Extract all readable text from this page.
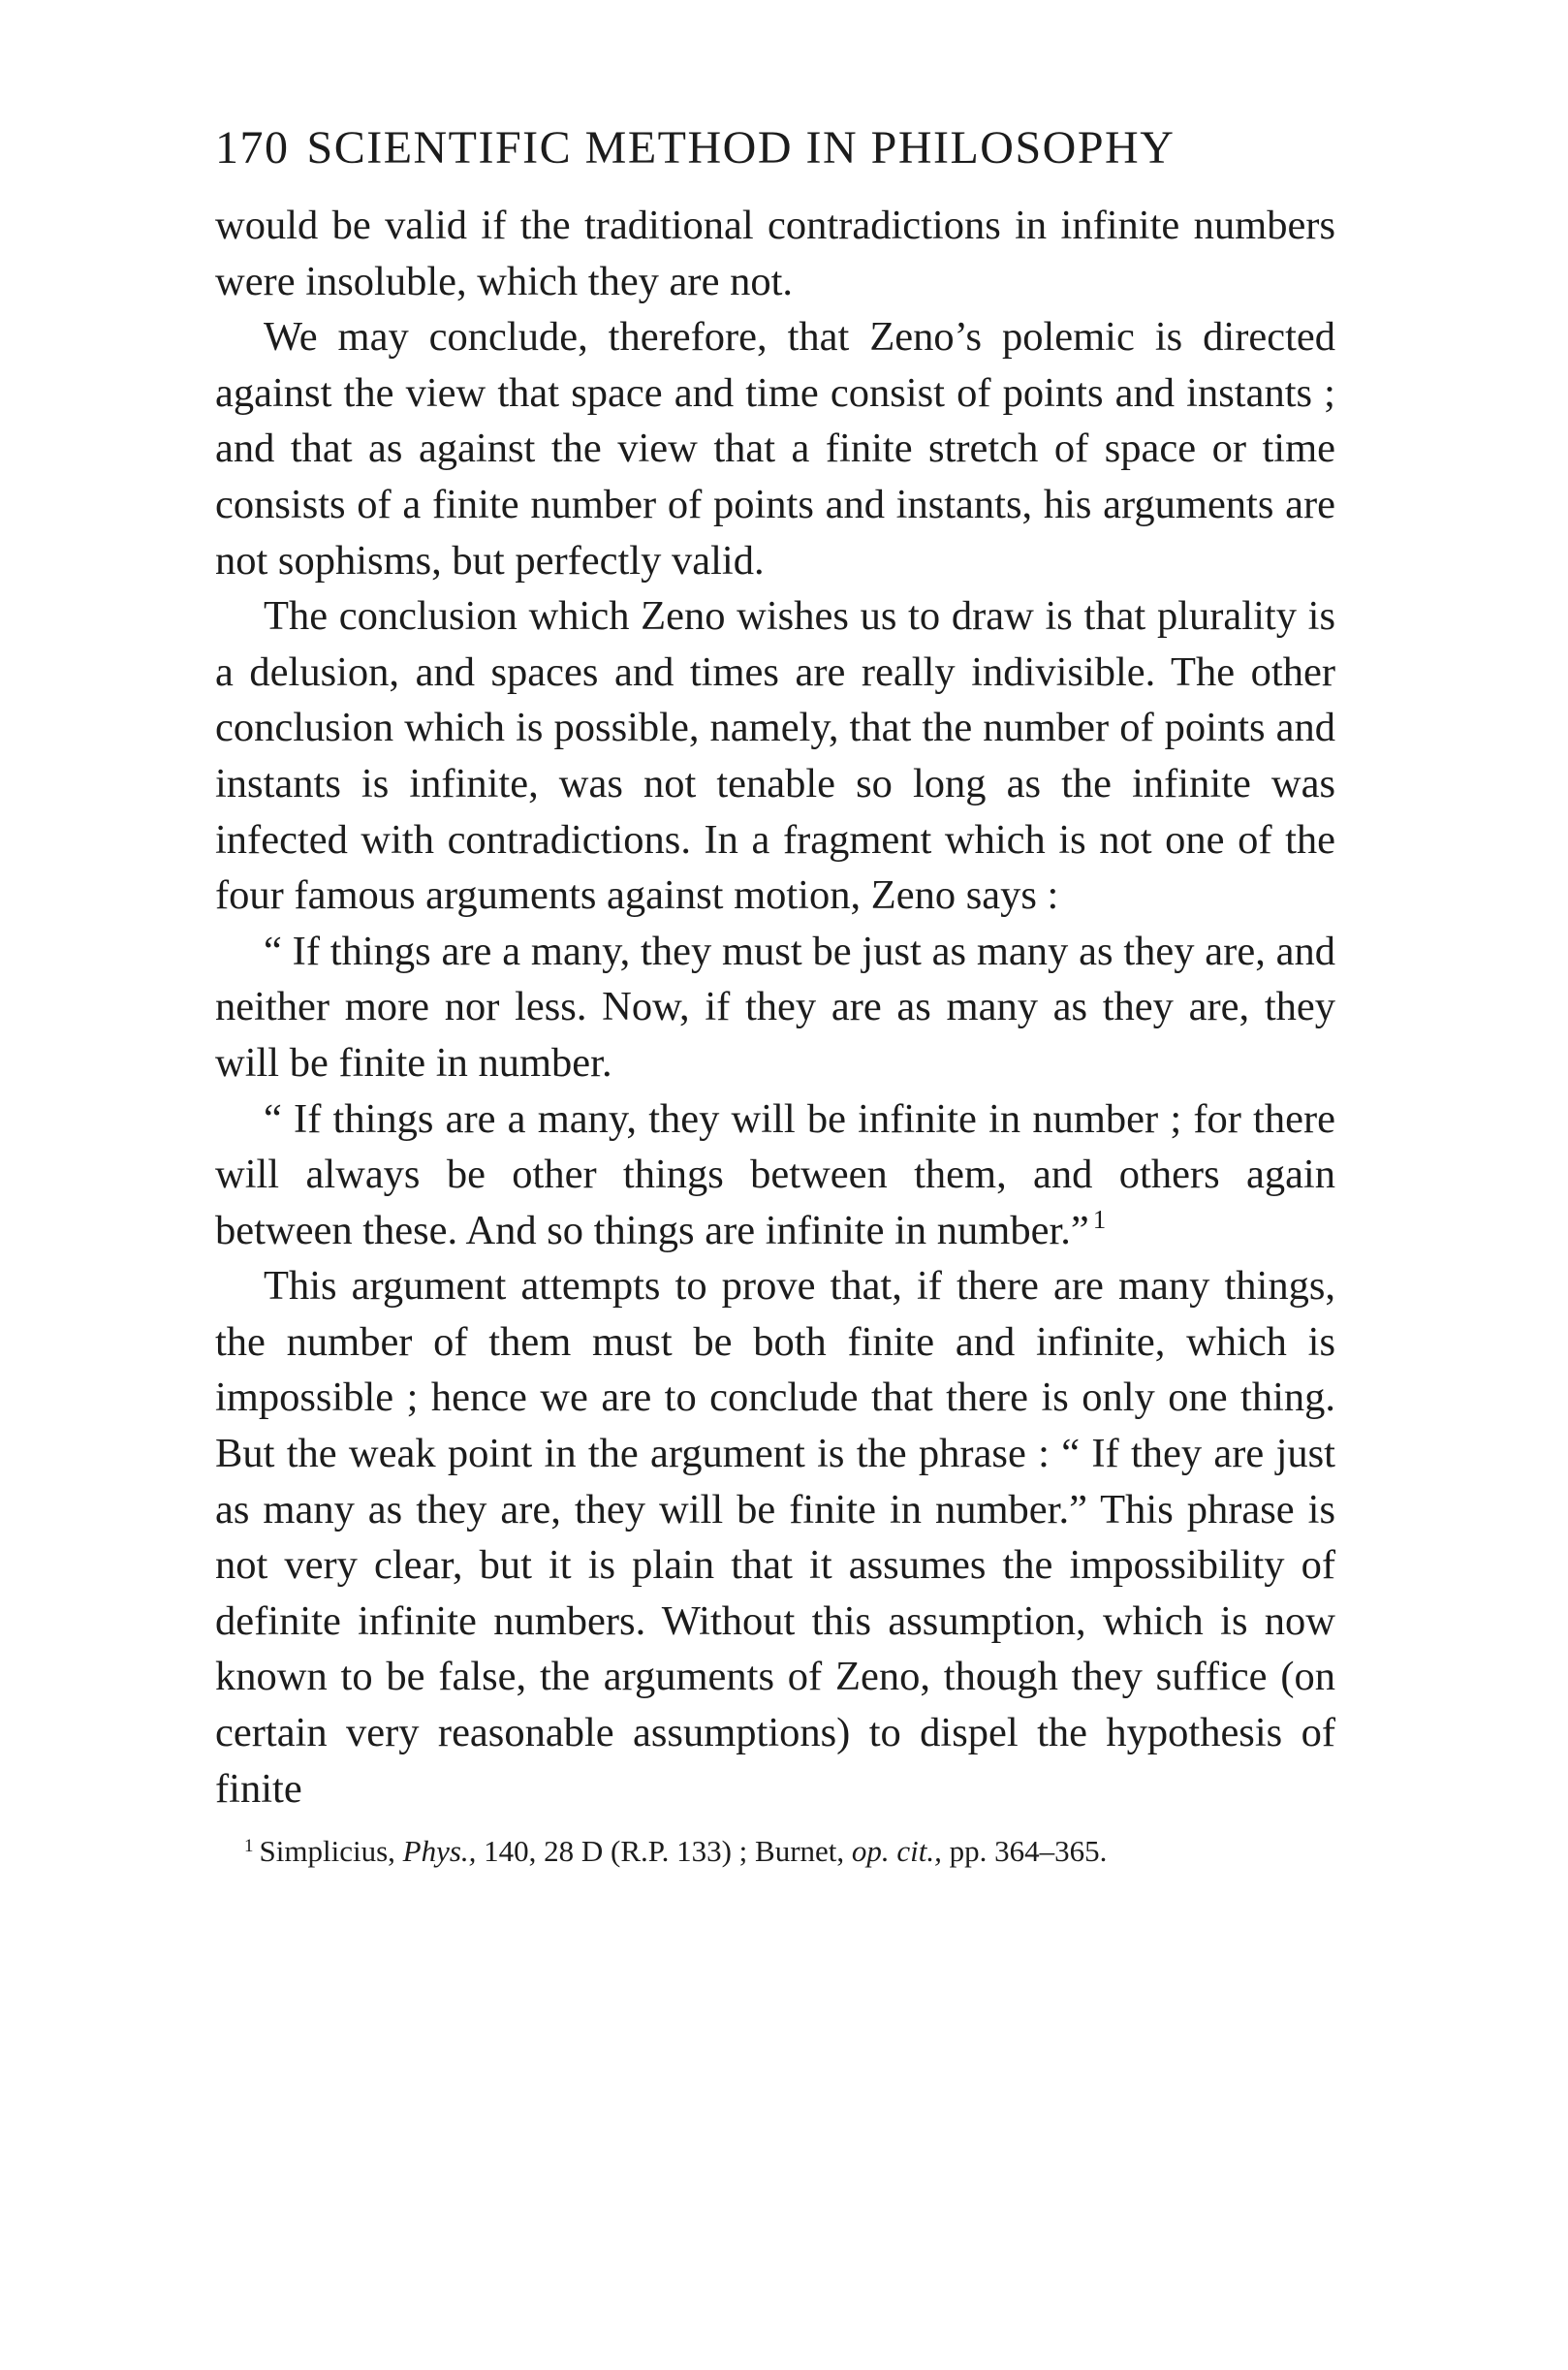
170 SCIENTIFIC METHOD IN PHILOSOPHY

would be valid if the traditional contradictions in infinite numbers were insoluble, which they are not.

We may conclude, therefore, that Zeno’s polemic is directed against the view that space and time consist of points and instants ; and that as against the view that a finite stretch of space or time consists of a finite number of points and instants, his arguments are not sophisms, but perfectly valid.

The conclusion which Zeno wishes us to draw is that plurality is a delusion, and spaces and times are really indivisible. The other conclusion which is possible, namely, that the number of points and instants is infinite, was not tenable so long as the infinite was infected with contradictions. In a fragment which is not one of the four famous arguments against motion, Zeno says :

“ If things are a many, they must be just as many as they are, and neither more nor less. Now, if they are as many as they are, they will be finite in number.

“ If things are a many, they will be infinite in number ; for there will always be other things between them, and others again between these. And so things are infinite in number.” $^1$

This argument attempts to prove that, if there are many things, the number of them must be both finite and infinite, which is impossible ; hence we are to conclude that there is only one thing. But the weak point in the argument is the phrase : “ If they are just as many as they are, they will be finite in number.” This phrase is not very clear, but it is plain that it assumes the impossibility of definite infinite numbers. Without this assumption, which is now known to be false, the arguments of Zeno, though they suffice (on certain very reasonable assumptions) to dispel the hypothesis of finite

$^1$ Simplicius, Phys., 140, 28 D (R.P. 133) ; Burnet, op. cit., pp. 364–365.
